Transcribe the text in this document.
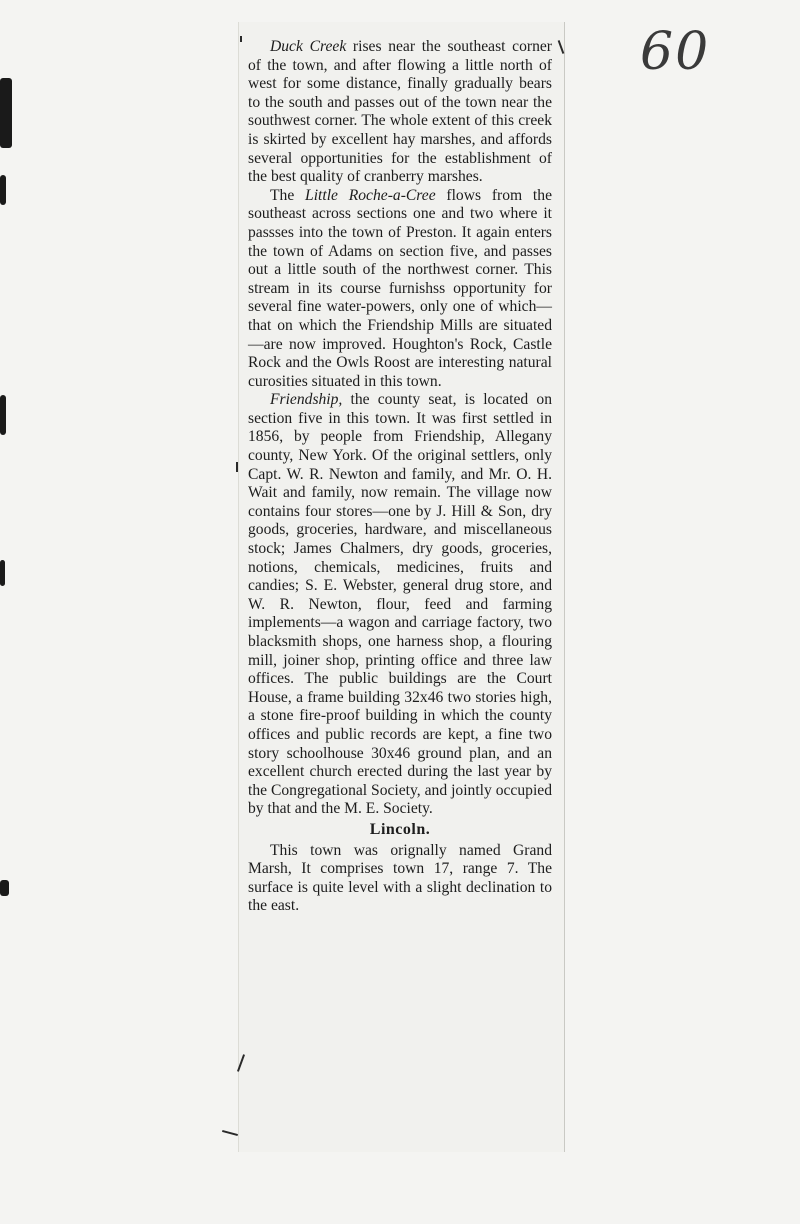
60

Duck Creek rises near the southeast corner of the town, and after flowing a little north of west for some distance, finally gradually bears to the south and passes out of the town near the southwest corner. The whole extent of this creek is skirted by excellent hay marshes, and affords several opportunities for the establishment of the best quality of cranberry marshes.

The Little Roche-a-Cree flows from the southeast across sections one and two where it passses into the town of Preston. It again enters the town of Adams on section five, and passes out a little south of the northwest corner. This stream in its course furnishss opportunity for several fine water-powers, only one of which—that on which the Friendship Mills are situated—are now improved. Houghton's Rock, Castle Rock and the Owls Roost are interesting natural curosities situated in this town.

Friendship, the county seat, is located on section five in this town. It was first settled in 1856, by people from Friendship, Allegany county, New York. Of the original settlers, only Capt. W. R. Newton and family, and Mr. O. H. Wait and family, now remain. The village now contains four stores—one by J. Hill & Son, dry goods, groceries, hardware, and miscellaneous stock; James Chalmers, dry goods, groceries, notions, chemicals, medicines, fruits and candies; S. E. Webster, general drug store, and W. R. Newton, flour, feed and farming implements—a wagon and carriage factory, two blacksmith shops, one harness shop, a flouring mill, joiner shop, printing office and three law offices. The public buildings are the Court House, a frame building 32x46 two stories high, a stone fire-proof building in which the county offices and public records are kept, a fine two story schoolhouse 30x46 ground plan, and an excellent church erected during the last year by the Congregational Society, and jointly occupied by that and the M. E. Society.

Lincoln.

This town was orignally named Grand Marsh, It comprises town 17, range 7. The surface is quite level with a slight declination to the east.
